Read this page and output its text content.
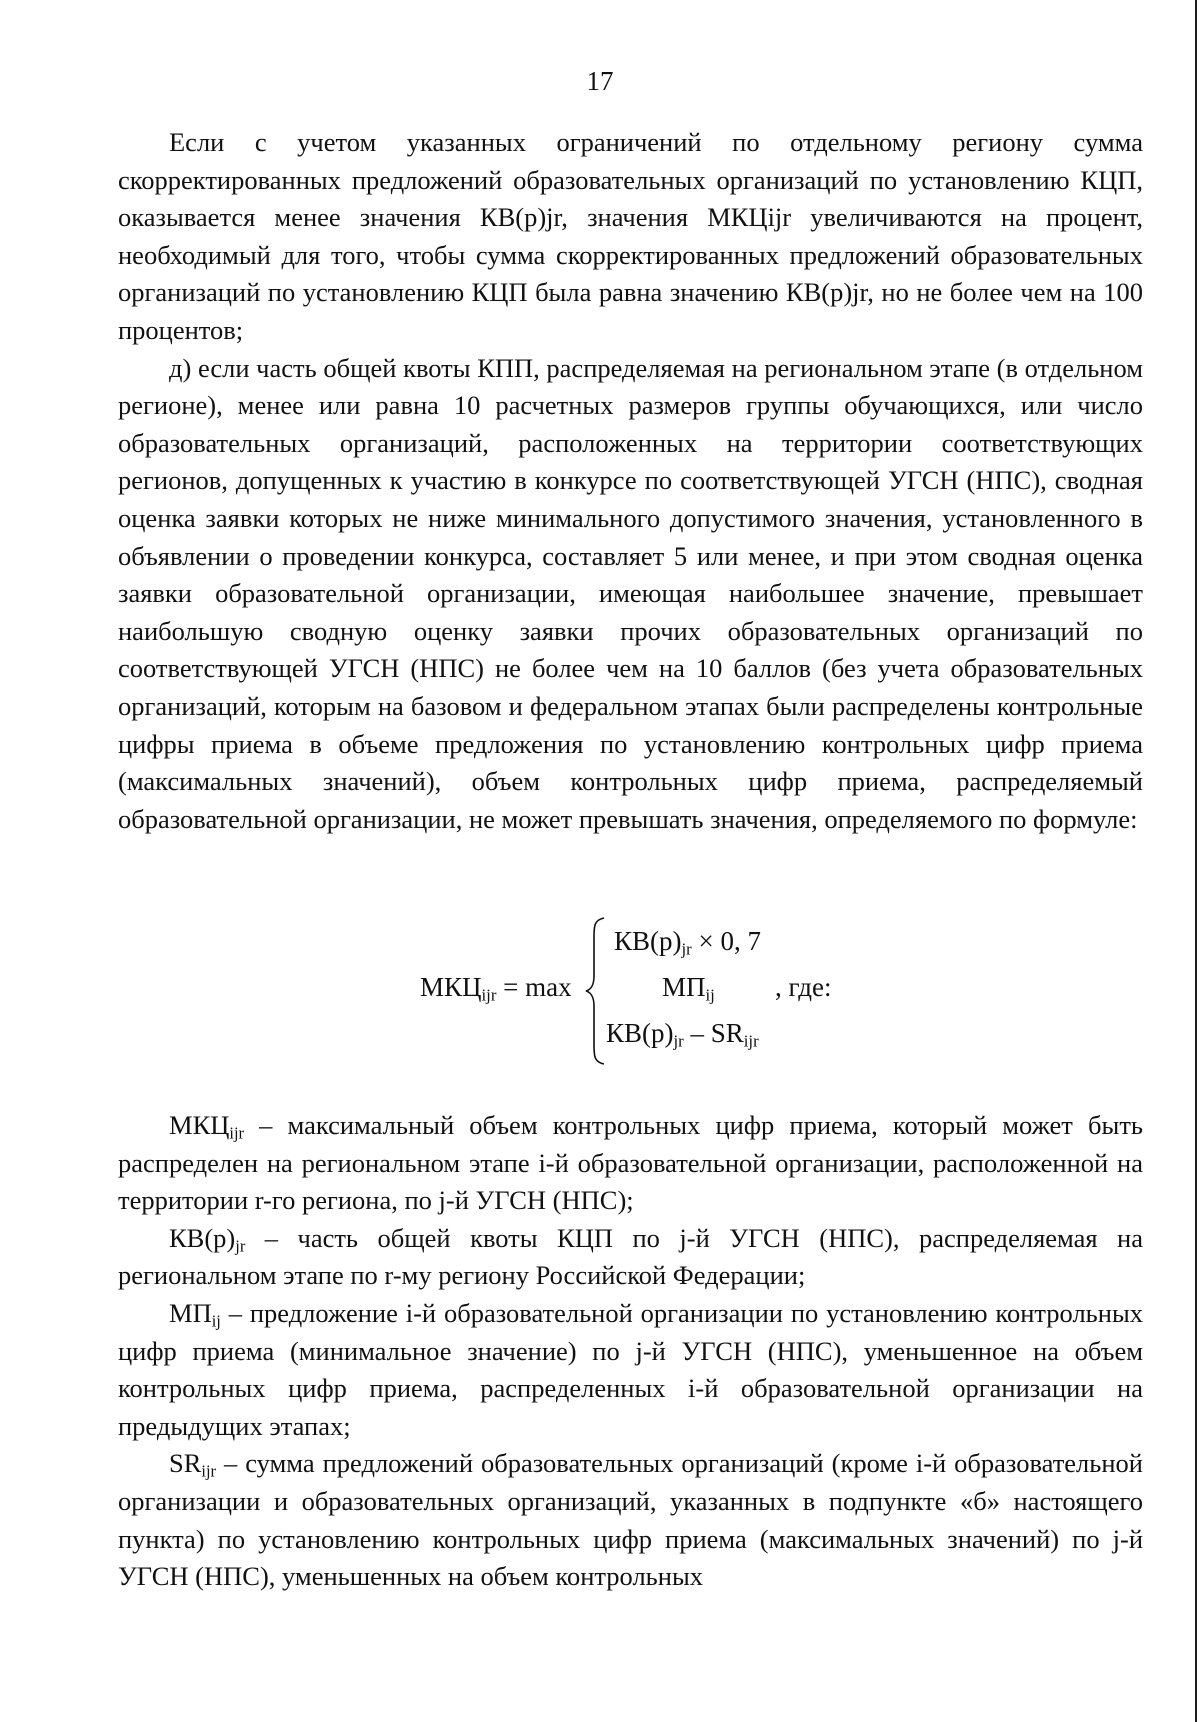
17

Если с учетом указанных ограничений по отдельному региону сумма скорректированных предложений образовательных организаций по установлению КЦП, оказывается менее значения КВ(р)jr, значения МКЦijr увеличиваются на процент, необходимый для того, чтобы сумма скорректированных предложений образовательных организаций по установлению КЦП была равна значению КВ(р)jr, но не более чем на 100 процентов;

д) если часть общей квоты КПП, распределяемая на региональном этапе (в отдельном регионе), менее или равна 10 расчетных размеров группы обучающихся, или число образовательных организаций, расположенных на территории соответствующих регионов, допущенных к участию в конкурсе по соответствующей УГСН (НПС), сводная оценка заявки которых не ниже минимального допустимого значения, установленного в объявлении о проведении конкурса, составляет 5 или менее, и при этом сводная оценка заявки образовательной организации, имеющая наибольшее значение, превышает наибольшую сводную оценку заявки прочих образовательных организаций по соответствующей УГСН (НПС) не более чем на 10 баллов (без учета образовательных организаций, которым на базовом и федеральном этапах были распределены контрольные цифры приема в объеме предложения по установлению контрольных цифр приема (максимальных значений), объем контрольных цифр приема, распределяемый образовательной организации, не может превышать значения, определяемого по формуле:

$МКЦ_{ijr} = \max$
$КВ(р)_{jr} \times 0$, 7
$МП_{ij}$
$КВ(р)_{jr} - SR_{ijr}$
, где:

$МКЦ_{ijr}$ – максимальный объем контрольных цифр приема, который может быть распределен на региональном этапе i-й образовательной организации, расположенной на территории r-го региона, по j-й УГСН (НПС);

$КВ(р)_{jr}$ – часть общей квоты КЦП по j-й УГСН (НПС), распределяемая на региональном этапе по r-му региону Российской Федерации;

$МП_{ij}$ – предложение i-й образовательной организации по установлению контрольных цифр приема (минимальное значение) по j-й УГСН (НПС), уменьшенное на объем контрольных цифр приема, распределенных i-й образовательной организации на предыдущих этапах;

$SR_{ijr}$ – сумма предложений образовательных организаций (кроме i-й образовательной организации и образовательных организаций, указанных в подпункте «б» настоящего пункта) по установлению контрольных цифр приема (максимальных значений) по j-й УГСН (НПС), уменьшенных на объем контрольных
